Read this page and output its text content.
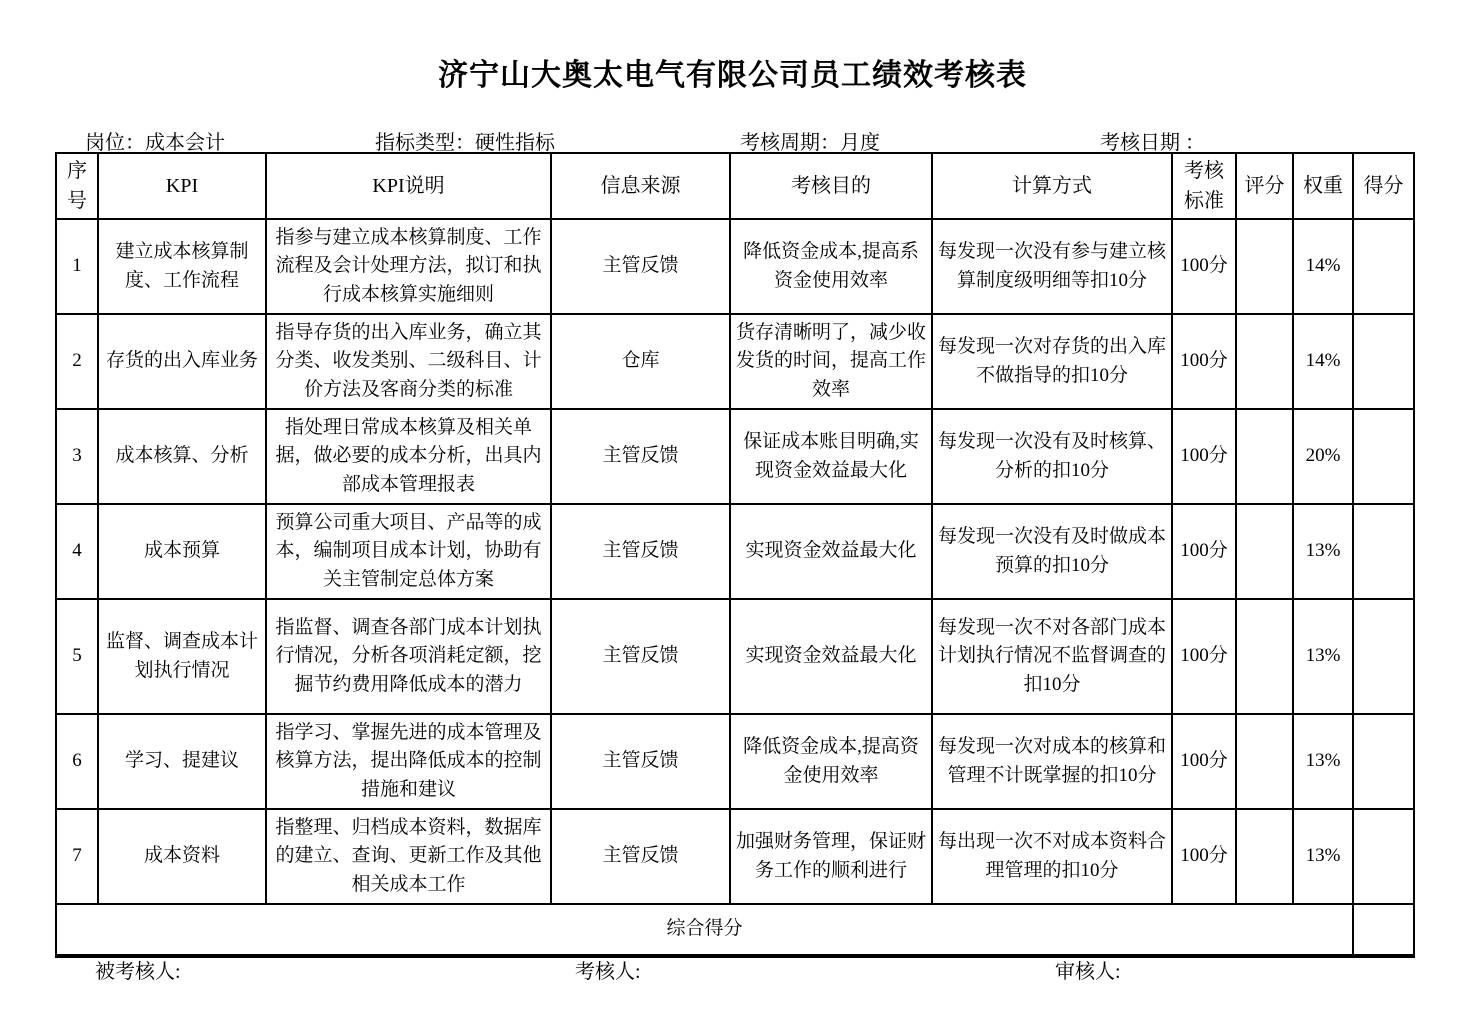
济宁山大奥太电气有限公司员工绩效考核表
岗位：成本会计	指标类型：硬性指标	考核周期：月度	考核日期 ：
序号	KPI	KPI说明	信息来源	考核目的	计算方式	考核标准	评分	权重	得分
1	建立成本核算制度、工作流程	指参与建立成本核算制度、工作流程及会计处理方法，拟订和执行成本核算实施细则	主管反馈	降低资金成本,提高系资金使用效率	每发现一次没有参与建立核算制度级明细等扣10分	100分		14%	
2	存货的出入库业务	指导存货的出入库业务，确立其分类、收发类别、二级科目、计价方法及客商分类的标准	仓库	货存清晰明了，减少收发货的时间，提高工作效率	每发现一次对存货的出入库不做指导的扣10分	100分		14%	
3	成本核算、分析	指处理日常成本核算及相关单据，做必要的成本分析，出具内部成本管理报表	主管反馈	保证成本账目明确,实现资金效益最大化	每发现一次没有及时核算、分析的扣10分	100分		20%	
4	成本预算	预算公司重大项目、产品等的成本，编制项目成本计划，协助有关主管制定总体方案	主管反馈	实现资金效益最大化	每发现一次没有及时做成本预算的扣10分	100分		13%	
5	监督、调查成本计划执行情况	指监督、调查各部门成本计划执行情况，分析各项消耗定额，挖掘节约费用降低成本的潜力	主管反馈	实现资金效益最大化	每发现一次不对各部门成本计划执行情况不监督调查的扣10分	100分		13%	
6	学习、提建议	指学习、掌握先进的成本管理及核算方法，提出降低成本的控制措施和建议	主管反馈	降低资金成本,提高资金使用效率	每发现一次对成本的核算和管理不计既掌握的扣10分	100分		13%	
7	成本资料	指整理、归档成本资料，数据库的建立、查询、更新工作及其他相关成本工作	主管反馈	加强财务管理，保证财务工作的顺利进行	每出现一次不对成本资料合理管理的扣10分	100分		13%	
综合得分									
被考核人:	考核人:	审核人:
